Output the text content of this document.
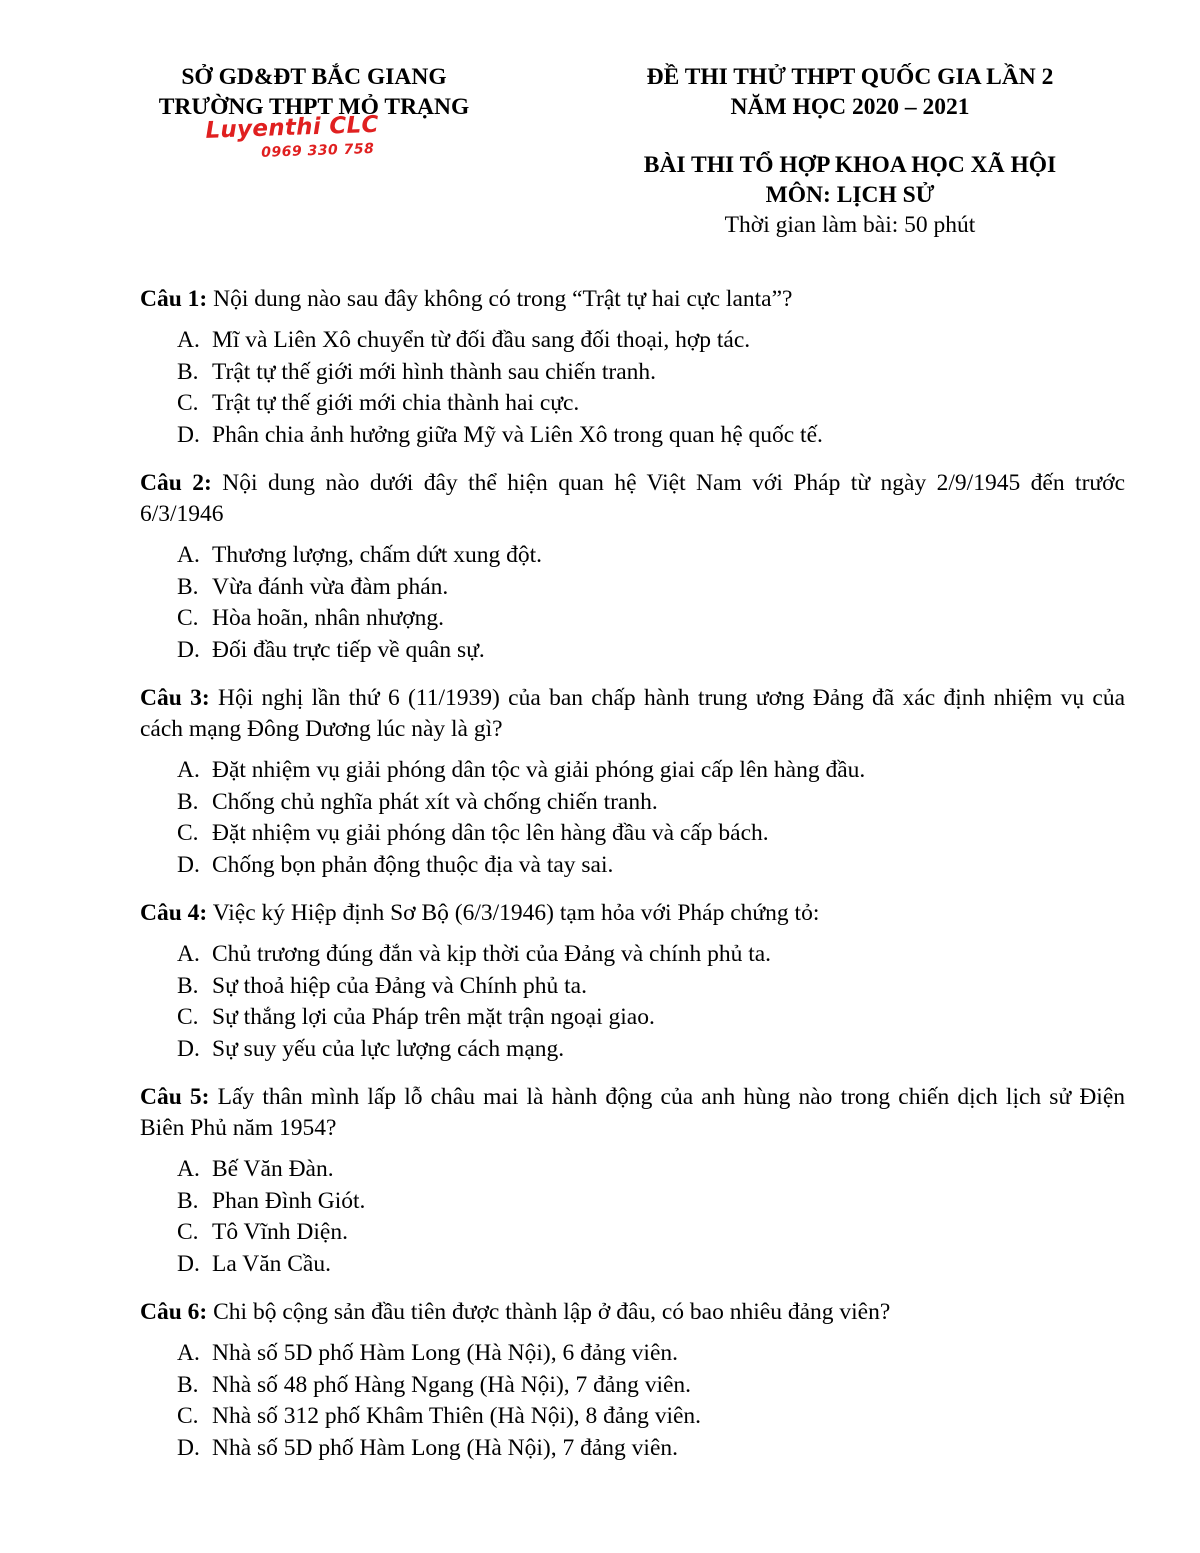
SỞ GD&ĐT BẮC GIANG
TRƯỜNG THPT MỎ TRẠNG
Luyenthi CLC
0969 330 758
ĐỀ THI THỬ THPT QUỐC GIA LẦN 2
NĂM HỌC 2020 – 2021
BÀI THI TỔ HỢP KHOA HỌC XÃ HỘI
MÔN: LỊCH SỬ
Thời gian làm bài: 50 phút
Câu 1: Nội dung nào sau đây không có trong “Trật tự hai cực lanta”?
A. Mĩ và Liên Xô chuyển từ đối đầu sang đối thoại, hợp tác.
B. Trật tự thế giới mới hình thành sau chiến tranh.
C. Trật tự thế giới mới chia thành hai cực.
D. Phân chia ảnh hưởng giữa Mỹ và Liên Xô trong quan hệ quốc tế.
Câu 2: Nội dung nào dưới đây thể hiện quan hệ Việt Nam với Pháp từ ngày 2/9/1945 đến trước 6/3/1946
A. Thương lượng, chấm dứt xung đột.
B. Vừa đánh vừa đàm phán.
C. Hòa hoãn, nhân nhượng.
D. Đối đầu trực tiếp về quân sự.
Câu 3: Hội nghị lần thứ 6 (11/1939) của ban chấp hành trung ương Đảng đã xác định nhiệm vụ của cách mạng Đông Dương lúc này là gì?
A. Đặt nhiệm vụ giải phóng dân tộc và giải phóng giai cấp lên hàng đầu.
B. Chống chủ nghĩa phát xít và chống chiến tranh.
C. Đặt nhiệm vụ giải phóng dân tộc lên hàng đầu và cấp bách.
D. Chống bọn phản động thuộc địa và tay sai.
Câu 4: Việc ký Hiệp định Sơ Bộ (6/3/1946) tạm hỏa với Pháp chứng tỏ:
A. Chủ trương đúng đắn và kịp thời của Đảng và chính phủ ta.
B. Sự thoả hiệp của Đảng và Chính phủ ta.
C. Sự thắng lợi của Pháp trên mặt trận ngoại giao.
D. Sự suy yếu của lực lượng cách mạng.
Câu 5: Lấy thân mình lấp lỗ châu mai là hành động của anh hùng nào trong chiến dịch lịch sử Điện Biên Phủ năm 1954?
A. Bế Văn Đàn.
B. Phan Đình Giót.
C. Tô Vĩnh Diện.
D. La Văn Cầu.
Câu 6: Chi bộ cộng sản đầu tiên được thành lập ở đâu, có bao nhiêu đảng viên?
A. Nhà số 5D phố Hàm Long (Hà Nội), 6 đảng viên.
B. Nhà số 48 phố Hàng Ngang (Hà Nội), 7 đảng viên.
C. Nhà số 312 phố Khâm Thiên (Hà Nội), 8 đảng viên.
D. Nhà số 5D phố Hàm Long (Hà Nội), 7 đảng viên.
